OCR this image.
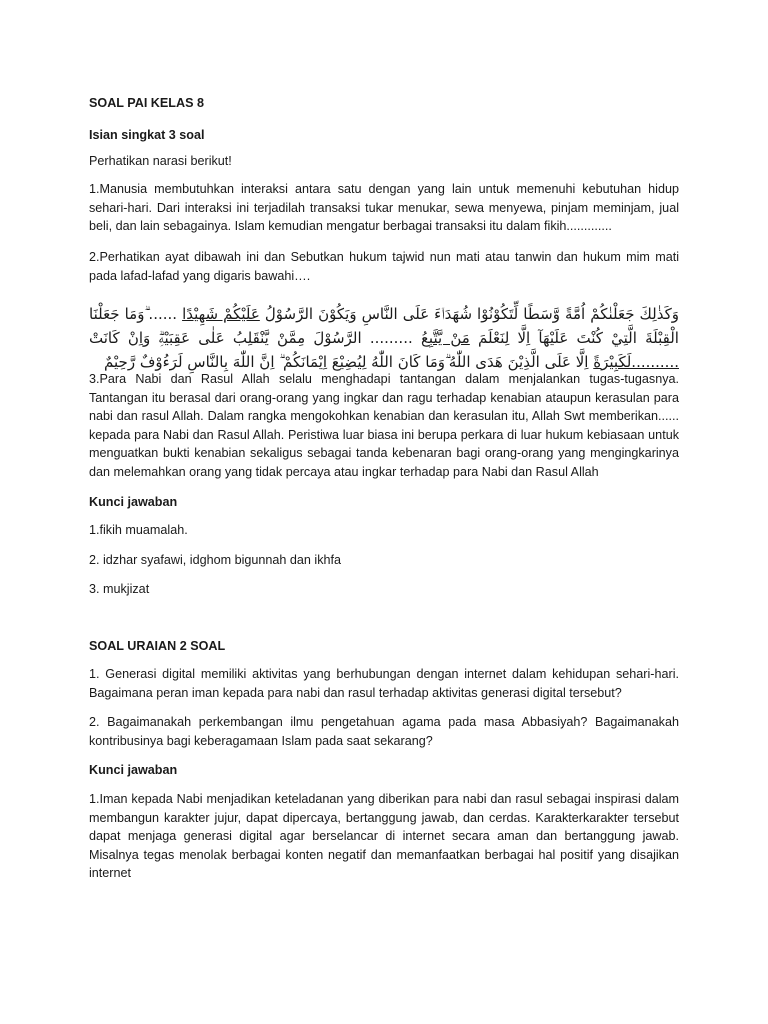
SOAL PAI KELAS 8

Isian singkat 3 soal

Perhatikan narasi berikut!

1.Manusia membutuhkan interaksi antara satu dengan yang lain untuk memenuhi kebutuhan hidup sehari-hari. Dari interaksi ini terjadilah transaksi tukar menukar, sewa menyewa, pinjam meminjam, jual beli, dan lain sebagainya. Islam kemudian mengatur berbagai transaksi itu dalam fikih.............

2.Perhatikan ayat dibawah ini dan Sebutkan hukum tajwid nun mati atau tanwin dan hukum mim mati pada lafad-lafad yang digaris bawahi….

وَكَذٰلِكَ جَعَلْنٰكُمْ اُمَّةً وَّسَطًا لِّتَكُوْنُوْا شُهَدَاۤءَ عَلَى النَّاسِ وَيَكُوْنَ الرَّسُوْلُ عَلَيْكُمْ شَهِيْدًا ...... ۗوَمَا جَعَلْنَا الْقِبْلَةَ الَّتِيْ كُنْتَ عَلَيْهَآ اِلَّا لِنَعْلَمَ مَنْ يَّتَّبِعُ ......... الرَّسُوْلَ مِمَّنْ يَّنْقَلِبُ عَلٰى عَقِبَيْهِۗ وَاِنْ كَانَتْ ..........لَكَبِيْرَةً اِلَّا عَلَى الَّذِيْنَ هَدَى اللّٰهُ ۗوَمَا كَانَ اللّٰهُ لِيُضِيْعَ اِيْمَانَكُمْ ۗ اِنَّ اللّٰهَ بِالنَّاسِ لَرَءُوْفٌ رَّحِيْمٌ

3.Para Nabi dan Rasul Allah selalu menghadapi tantangan dalam menjalankan tugas-tugasnya. Tantangan itu berasal dari orang-orang yang ingkar dan ragu terhadap kenabian ataupun kerasulan para nabi dan rasul Allah. Dalam rangka mengokohkan kenabian dan kerasulan itu, Allah Swt memberikan...... kepada para Nabi dan Rasul Allah. Peristiwa luar biasa ini berupa perkara di luar hukum kebiasaan untuk menguatkan bukti kenabian sekaligus sebagai tanda kebenaran bagi orang-orang yang mengingkarinya dan melemahkan orang yang tidak percaya atau ingkar terhadap para Nabi dan Rasul Allah

Kunci jawaban

1.fikih muamalah.

2. idzhar syafawi, idghom bigunnah dan ikhfa

3. mukjizat

SOAL URAIAN 2 SOAL

1. Generasi digital memiliki aktivitas yang berhubungan dengan internet dalam kehidupan sehari-hari. Bagaimana peran iman kepada para nabi dan rasul terhadap aktivitas generasi digital tersebut?

2. Bagaimanakah perkembangan ilmu pengetahuan agama pada masa Abbasiyah? Bagaimanakah kontribusinya bagi keberagamaan Islam pada saat sekarang?

Kunci jawaban

1.Iman kepada Nabi menjadikan keteladanan yang diberikan para nabi dan rasul sebagai inspirasi dalam membangun karakter jujur, dapat dipercaya, bertanggung jawab, dan cerdas. Karakterkarakter tersebut dapat menjaga generasi digital agar berselancar di internet secara aman dan bertanggung jawab. Misalnya tegas menolak berbagai konten negatif dan memanfaatkan berbagai hal positif yang disajikan internet
